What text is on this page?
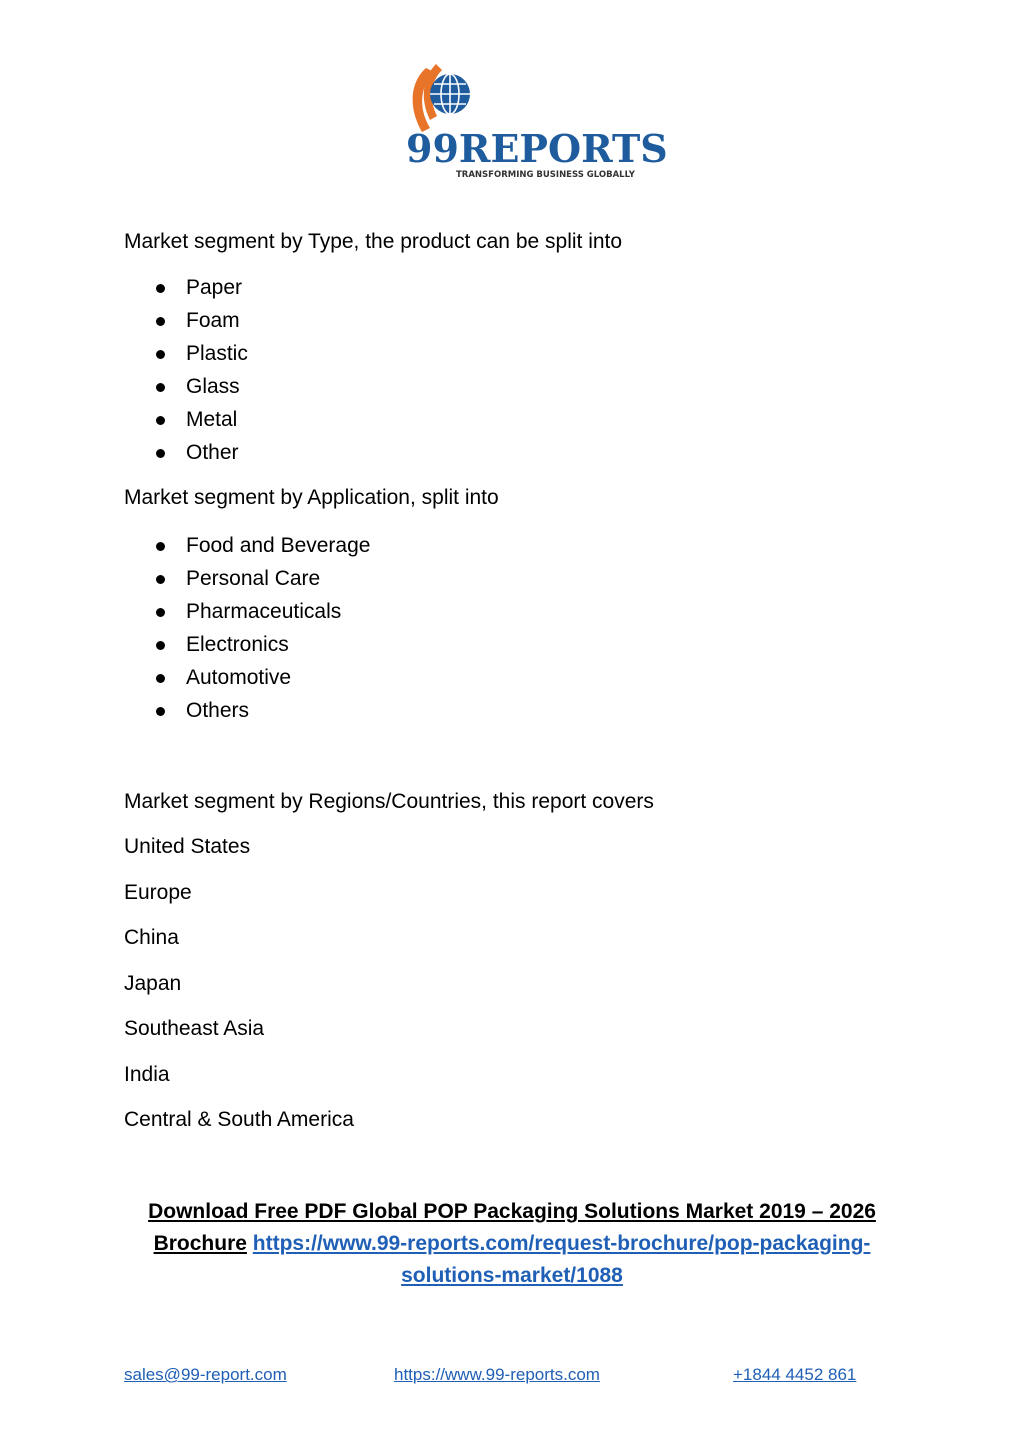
99REPORTS
TRANSFORMING BUSINESS GLOBALLY
Market segment by Type, the product can be split into
Paper
Foam
Plastic
Glass
Metal
Other
Market segment by Application, split into
Food and Beverage
Personal Care
Pharmaceuticals
Electronics
Automotive
Others
Market segment by Regions/Countries, this report covers
United States
Europe
China
Japan
Southeast Asia
India
Central & South America
Download Free PDF Global POP Packaging Solutions Market 2019 – 2026
Brochure https://www.99-reports.com/request-brochure/pop-packaging-solutions-market/1088
sales@99-report.com	https://www.99-reports.com	+1844 4452 861
